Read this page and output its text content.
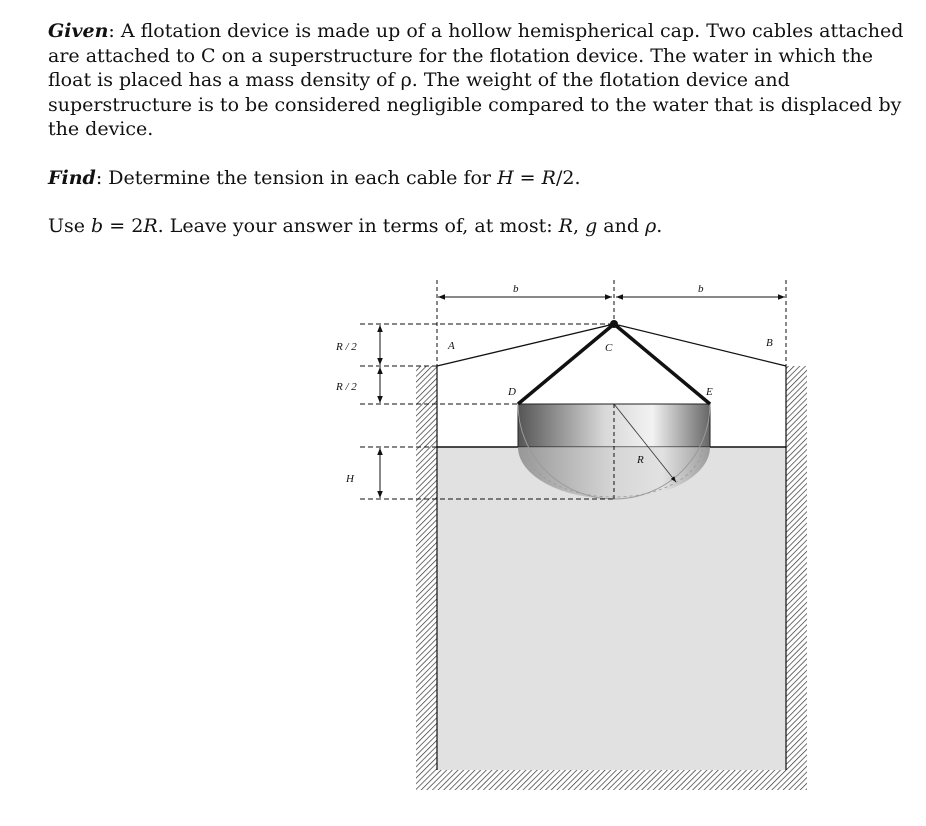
Given: A flotation device is made up of a hollow hemispherical cap. Two cables attached are attached to C on a superstructure for the flotation device. The water in which the float is placed has a mass density of ρ. The weight of the flotation device and superstructure is to be considered negligible compared to the water that is displaced by the device.

Find: Determine the tension in each cable for H = R/2.

Use b = 2R. Leave your answer in terms of, at most: R, g and ρ.

b	b
A	B
C
D	E
R
R / 2
R / 2
H
